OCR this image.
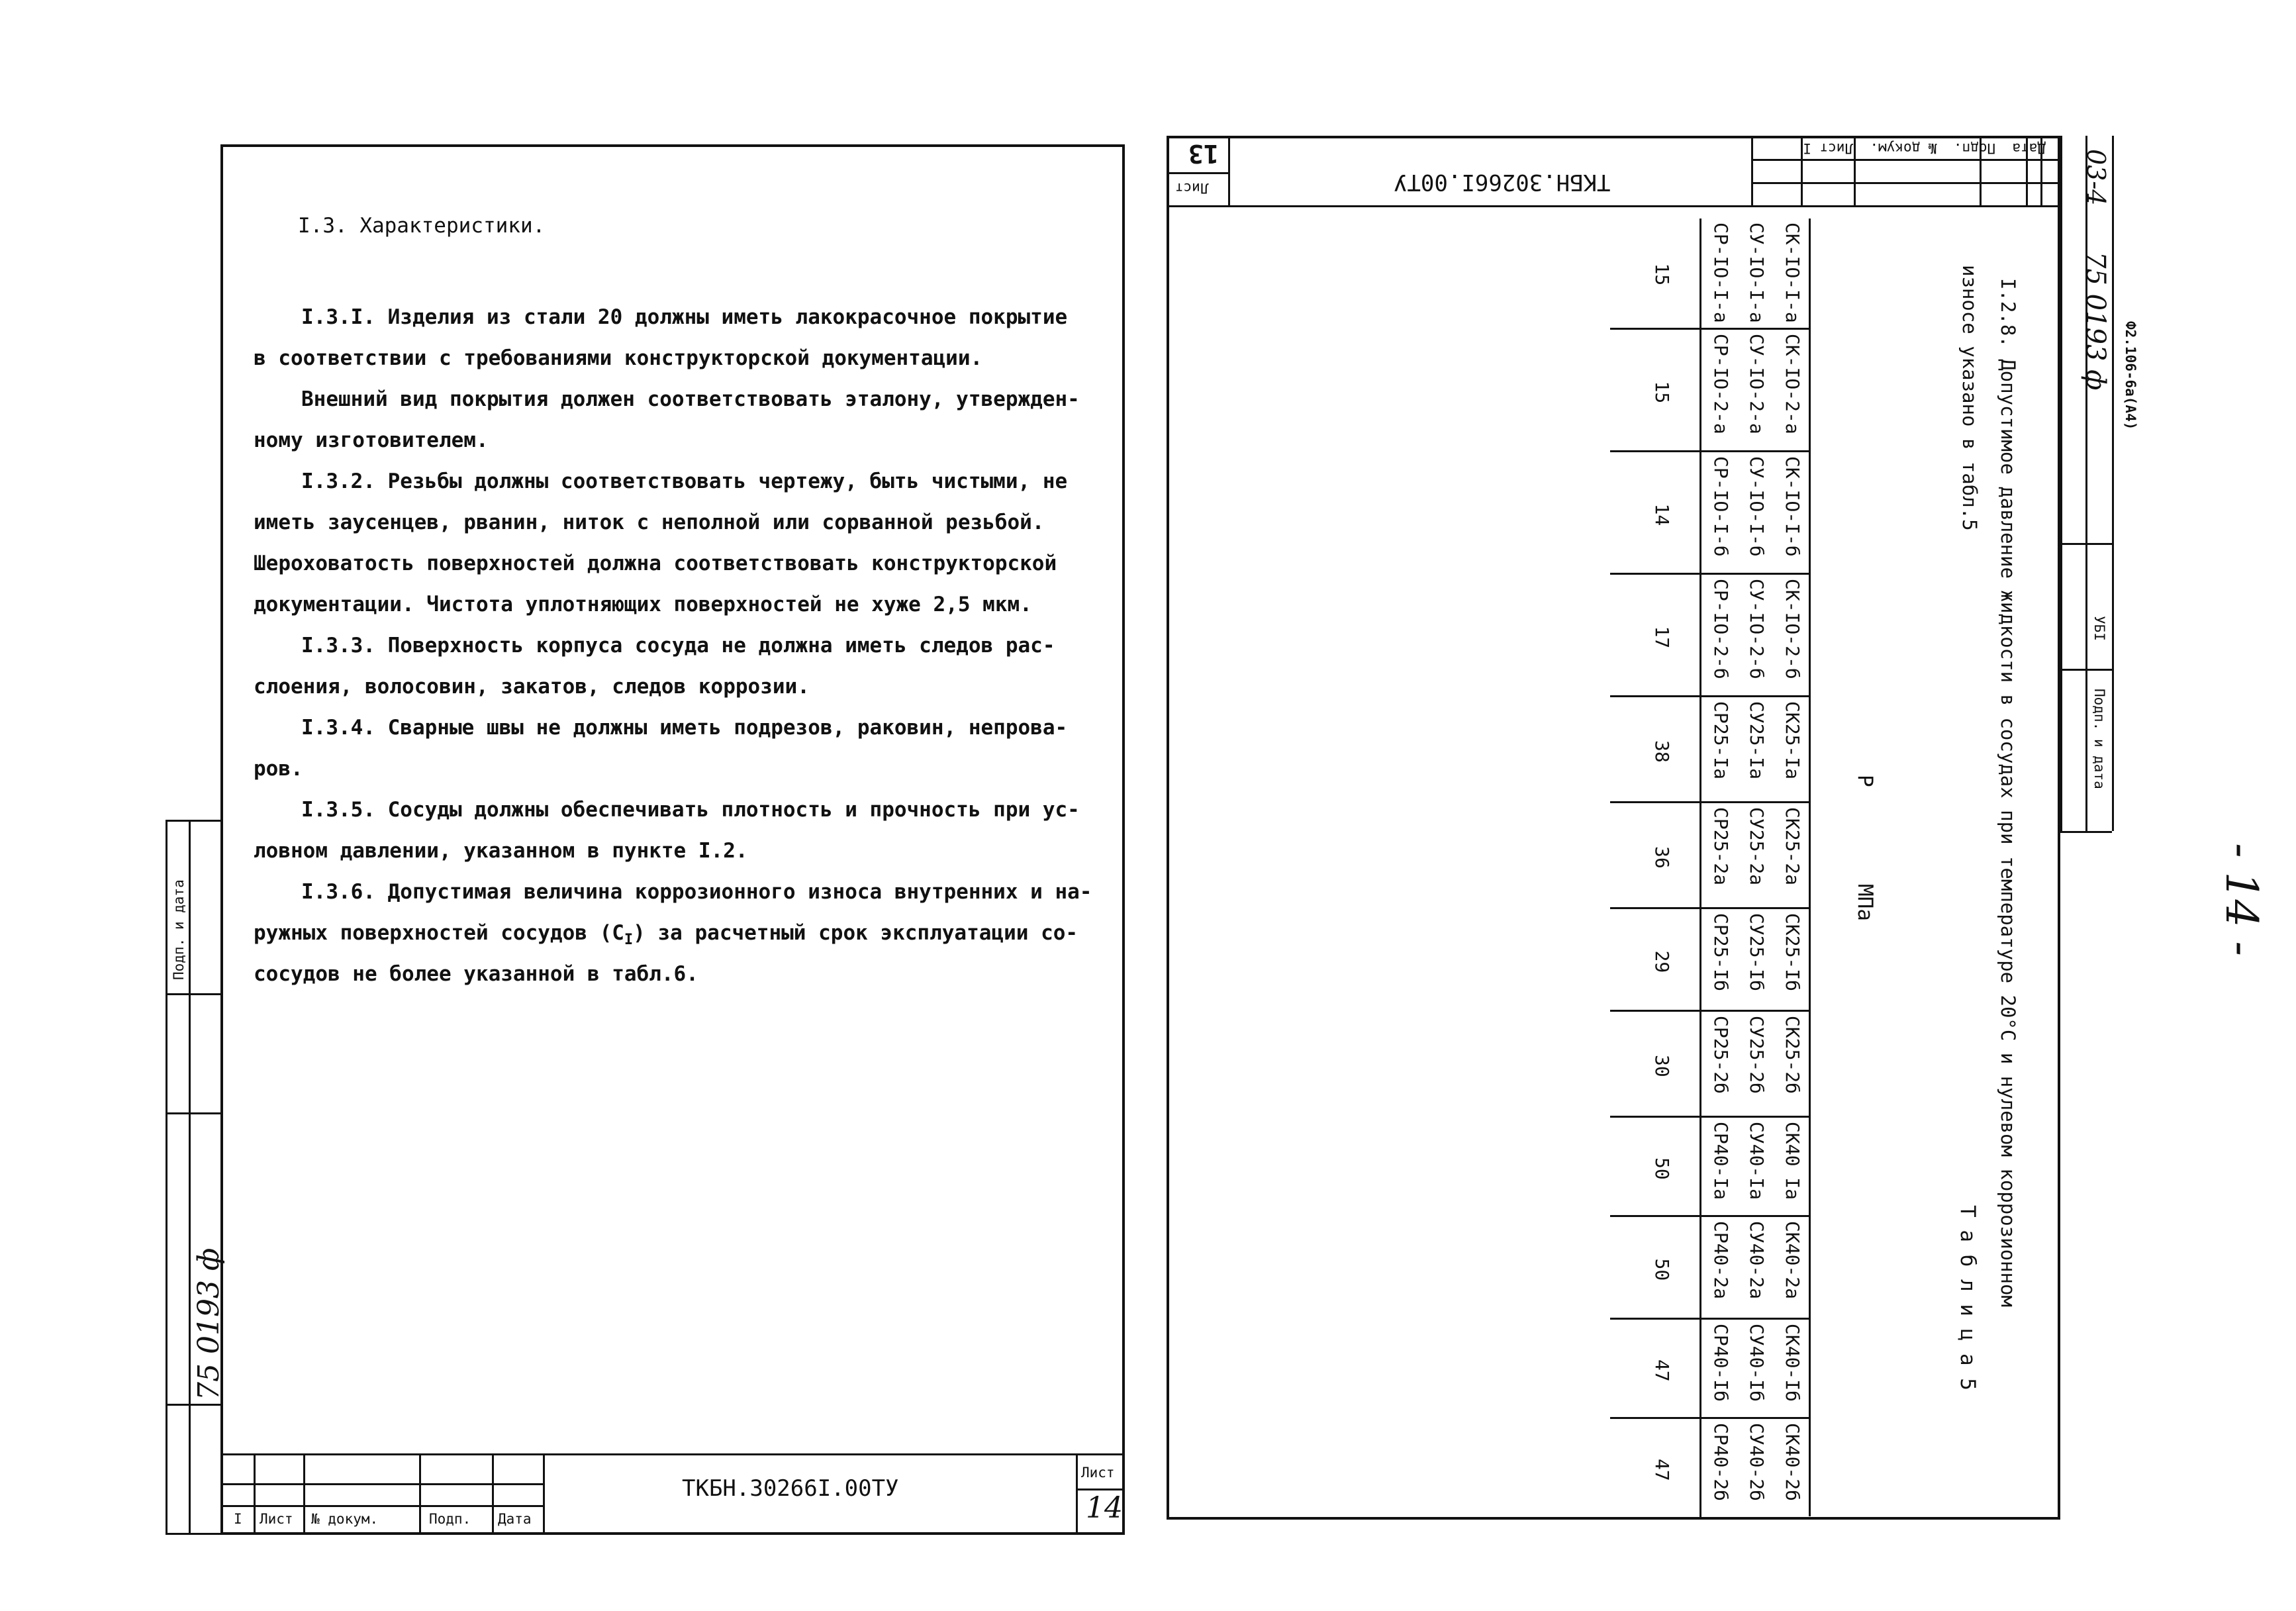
Подп. и дата
75 0193 ф
I.3. Характеристики.
I.3.I. Изделия из стали 20 должны иметь лакокрасочное покрытие
в соответствии с требованиями конструкторской документации.
Внешний вид покрытия должен соответствовать эталону, утвержден-
ному изготовителем.
I.3.2. Резьбы должны соответствовать чертежу, быть чистыми, не
иметь заусенцев, рванин, ниток с неполной или сорванной резьбой.
Шероховатость поверхностей должна соответствовать конструкторской
документации. Чистота уплотняющих поверхностей не хуже 2,5 мкм.
I.3.3. Поверхность корпуса сосуда не должна иметь следов рас-
слоения, волосовин, закатов, следов коррозии.
I.3.4. Сварные швы не должны иметь подрезов, раковин, непрова-
ров.
I.3.5. Сосуды должны обеспечивать плотность и прочность при ус-
ловном давлении, указанном в пункте I.2.
I.3.6. Допустимая величина коррозионного износа внутренних и на-
ружных поверхностей сосудов $(C_I)$ за расчетный срок эксплуатации со-
сосудов не более указанной в табл.6.
I Лист № докум.	Подп. Дата
ТКБН.30266I.00ТУ
Лист
14
Дата  Подп.  № докум.  Лист I
ТКБН.30266I.00ТУ
Лист
13	03-4
75 0193 ф
УБI
Подп. и дата
Ф2.106-6а(А4)
I.2.8. Допустимое давление жидкости в сосудах при температуре 20°С и нулевом коррозионном
износе указано в табл.5
Т а б л и ц а 5
P
МПа
СК-IO-I-а
СУ-IO-I-а
СР-IO-I-а
15
СК-IO-2-а
СУ-IO-2-а
СР-IO-2-а
15
СК-IO-I-б
СУ-IO-I-б
СР-IO-I-б
14
СК-IO-2-б
СУ-IO-2-б
СР-IO-2-б
17
СК25-Iа
СУ25-Iа
СР25-Iа
38
СК25-2а
СУ25-2а
СР25-2а
36
СК25-Iб
СУ25-Iб
СР25-Iб
29
СК25-2б
СУ25-2б
СР25-2б
30
СК40 Iа
СУ40-Iа
СР40-Iа
50
СК40-2а
СУ40-2а
СР40-2а
50
СК40-Iб
СУ40-Iб
СР40-Iб
47
СК40-2б
СУ40-2б
СР40-2б
47
- 14 -
